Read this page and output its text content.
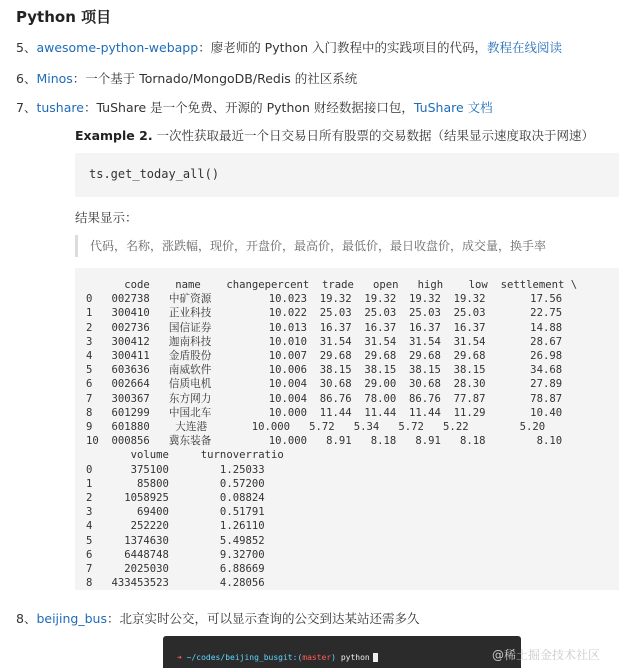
Python 项目
5、awesome-python-webapp：廖老师的 Python 入门教程中的实践项目的代码，教程在线阅读
6、Minos：一个基于 Tornado/MongoDB/Redis 的社区系统
7、tushare：TuShare 是一个免费、开源的 Python 财经数据接口包，TuShare 文档
Example 2. 一次性获取最近一个日交易日所有股票的交易数据（结果显示速度取决于网速）
ts.get_today_all()
结果显示：
代码，名称，涨跌幅，现价，开盘价，最高价，最低价，最日收盘价，成交量，换手率
code    name    changepercent  trade   open   high    low  settlement \
0   002738   中矿资源         10.023  19.32  19.32  19.32  19.32       17.56
1   300410   正业科技         10.022  25.03  25.03  25.03  25.03       22.75
2   002736   国信证券         10.013  16.37  16.37  16.37  16.37       14.88
3   300412   迦南科技         10.010  31.54  31.54  31.54  31.54       28.67
4   300411   金盾股份         10.007  29.68  29.68  29.68  29.68       26.98
5   603636   南威软件         10.006  38.15  38.15  38.15  38.15       34.68
6   002664   信质电机         10.004  30.68  29.00  30.68  28.30       27.89
7   300367   东方网力         10.004  86.76  78.00  86.76  77.87       78.87
8   601299   中国北车         10.000  11.44  11.44  11.44  11.29       10.40
9   601880    大连港       10.000   5.72   5.34   5.72   5.22        5.20
10  000856   冀东装备         10.000   8.91   8.18   8.91   8.18        8.10
volume     turnoverratio
0      375100        1.25033
1       85800        0.57200
2     1058925        0.08824
3       69400        0.51791
4      252220        1.26110
5     1374630        5.49852
6     6448748        9.32700
7     2025030        6.88669
8   433453523        4.28056
8、beijing_bus：北京实时公交，可以显示查询的公交到达某站还需多久
➜ ~/codes/beijing_busgit:(master) python	@稀土掘金技术社区
